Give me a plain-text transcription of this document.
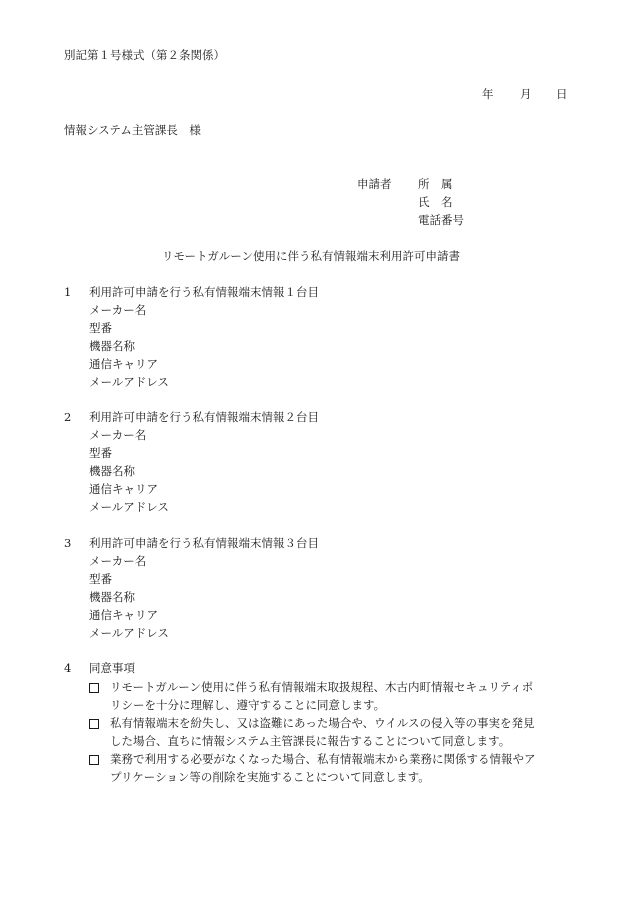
別記第１号様式（第２条関係）
年 月 日
情報システム主管課長　様
申請者 所　属
氏　名
電話番号
リモートガルーン使用に伴う私有情報端末利用許可申請書
1 利用許可申請を行う私有情報端末情報１台目
メーカー名
型番
機器名称
通信キャリア
メールアドレス
2 利用許可申請を行う私有情報端末情報２台目
メーカー名
型番
機器名称
通信キャリア
メールアドレス
3 利用許可申請を行う私有情報端末情報３台目
メーカー名
型番
機器名称
通信キャリア
メールアドレス
4 同意事項
リモートガルーン使用に伴う私有情報端末取扱規程、木古内町情報セキュリティポ
リシーを十分に理解し、遵守することに同意します。
私有情報端末を紛失し、又は盗難にあった場合や、ウイルスの侵入等の事実を発見
した場合、直ちに情報システム主管課長に報告することについて同意します。
業務で利用する必要がなくなった場合、私有情報端末から業務に関係する情報やア
プリケーション等の削除を実施することについて同意します。
